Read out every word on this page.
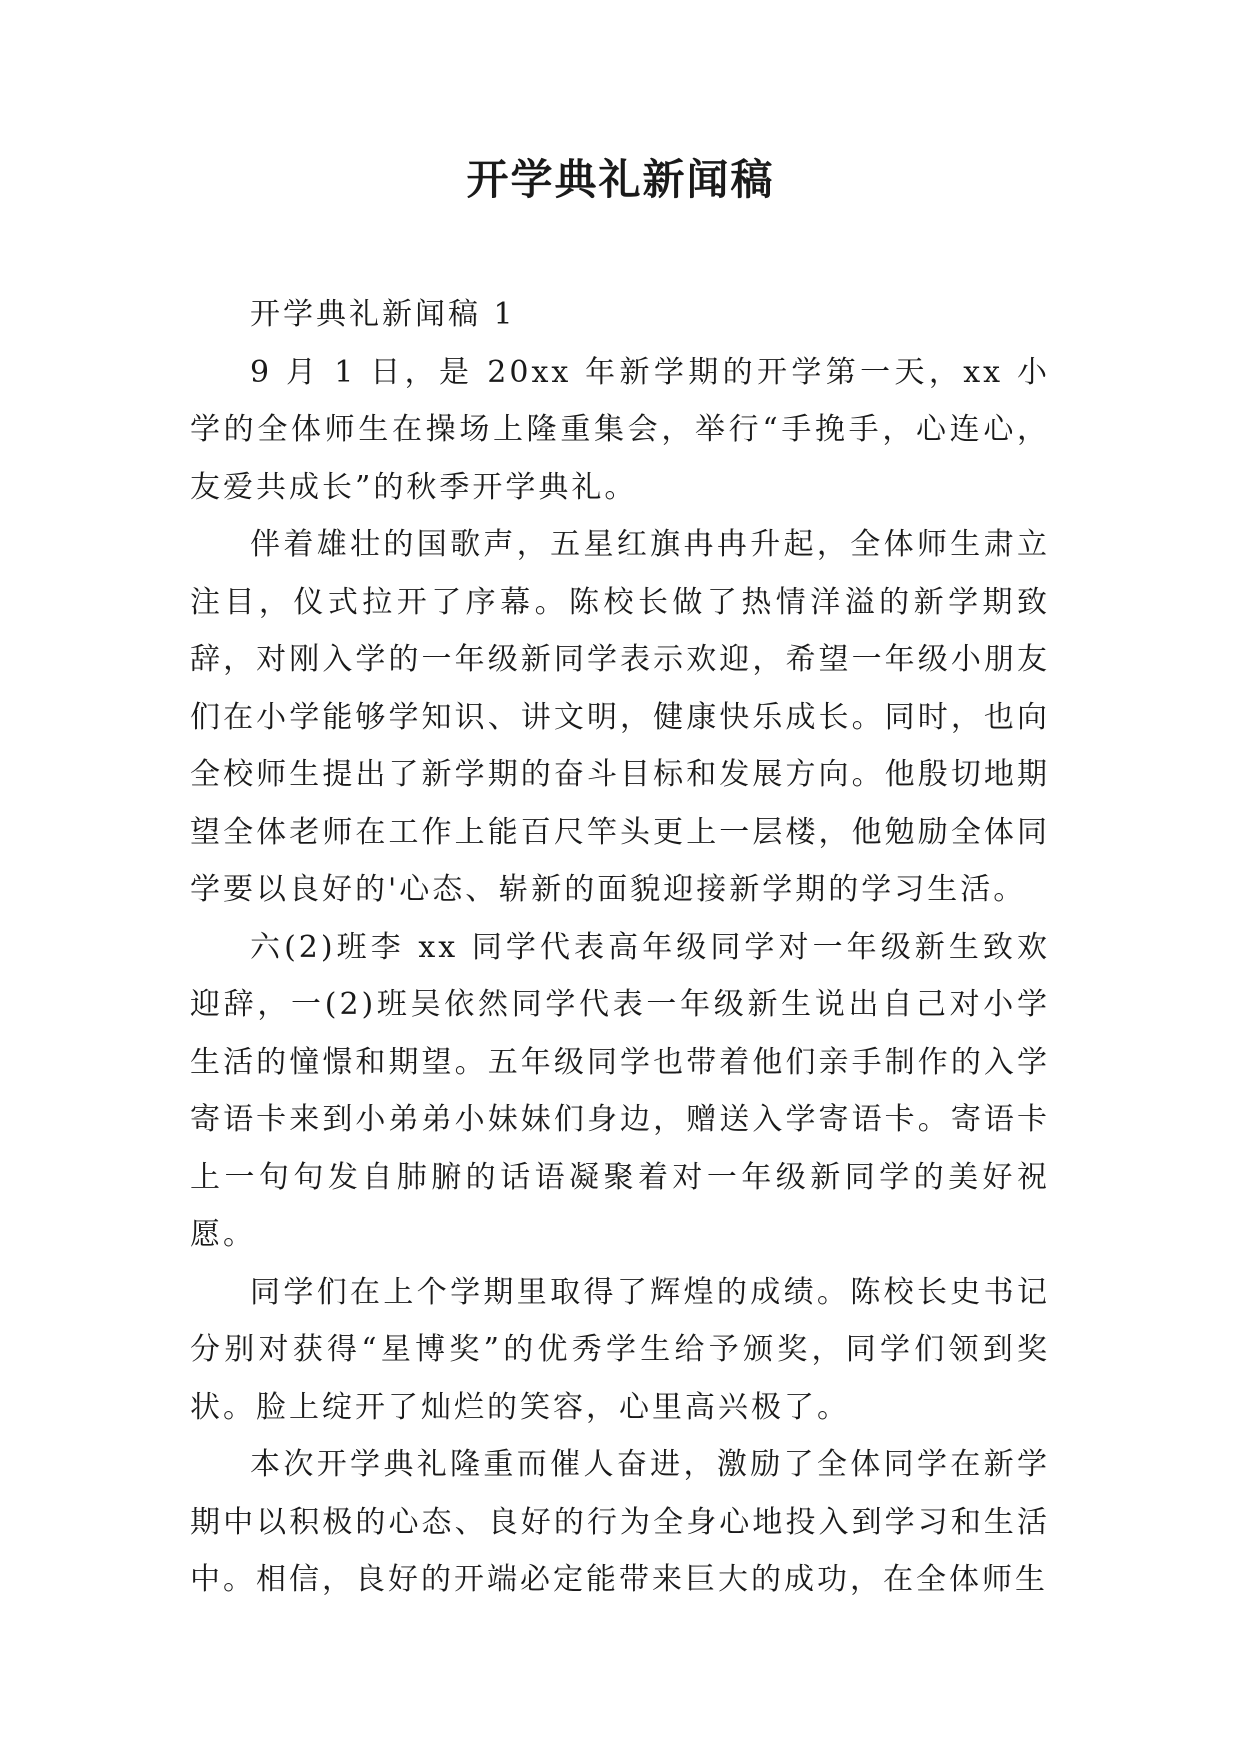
开学典礼新闻稿

开学典礼新闻稿 1

9 月 1 日，是 20xx 年新学期的开学第一天，xx 小学的全体师生在操场上隆重集会，举行“手挽手，心连心，友爱共成长”的秋季开学典礼。

伴着雄壮的国歌声，五星红旗冉冉升起，全体师生肃立注目，仪式拉开了序幕。陈校长做了热情洋溢的新学期致辞，对刚入学的一年级新同学表示欢迎，希望一年级小朋友们在小学能够学知识、讲文明，健康快乐成长。同时，也向全校师生提出了新学期的奋斗目标和发展方向。他殷切地期望全体老师在工作上能百尺竿头更上一层楼，他勉励全体同学要以良好的'心态、崭新的面貌迎接新学期的学习生活。

六(2)班李 xx 同学代表高年级同学对一年级新生致欢迎辞，一(2)班吴依然同学代表一年级新生说出自己对小学生活的憧憬和期望。五年级同学也带着他们亲手制作的入学寄语卡来到小弟弟小妹妹们身边，赠送入学寄语卡。寄语卡上一句句发自肺腑的话语凝聚着对一年级新同学的美好祝愿。

同学们在上个学期里取得了辉煌的成绩。陈校长史书记分别对获得“星博奖”的优秀学生给予颁奖，同学们领到奖状。脸上绽开了灿烂的笑容，心里高兴极了。

本次开学典礼隆重而催人奋进，激励了全体同学在新学期中以积极的心态、良好的行为全身心地投入到学习和生活中。相信，良好的开端必定能带来巨大的成功，在全体师生
